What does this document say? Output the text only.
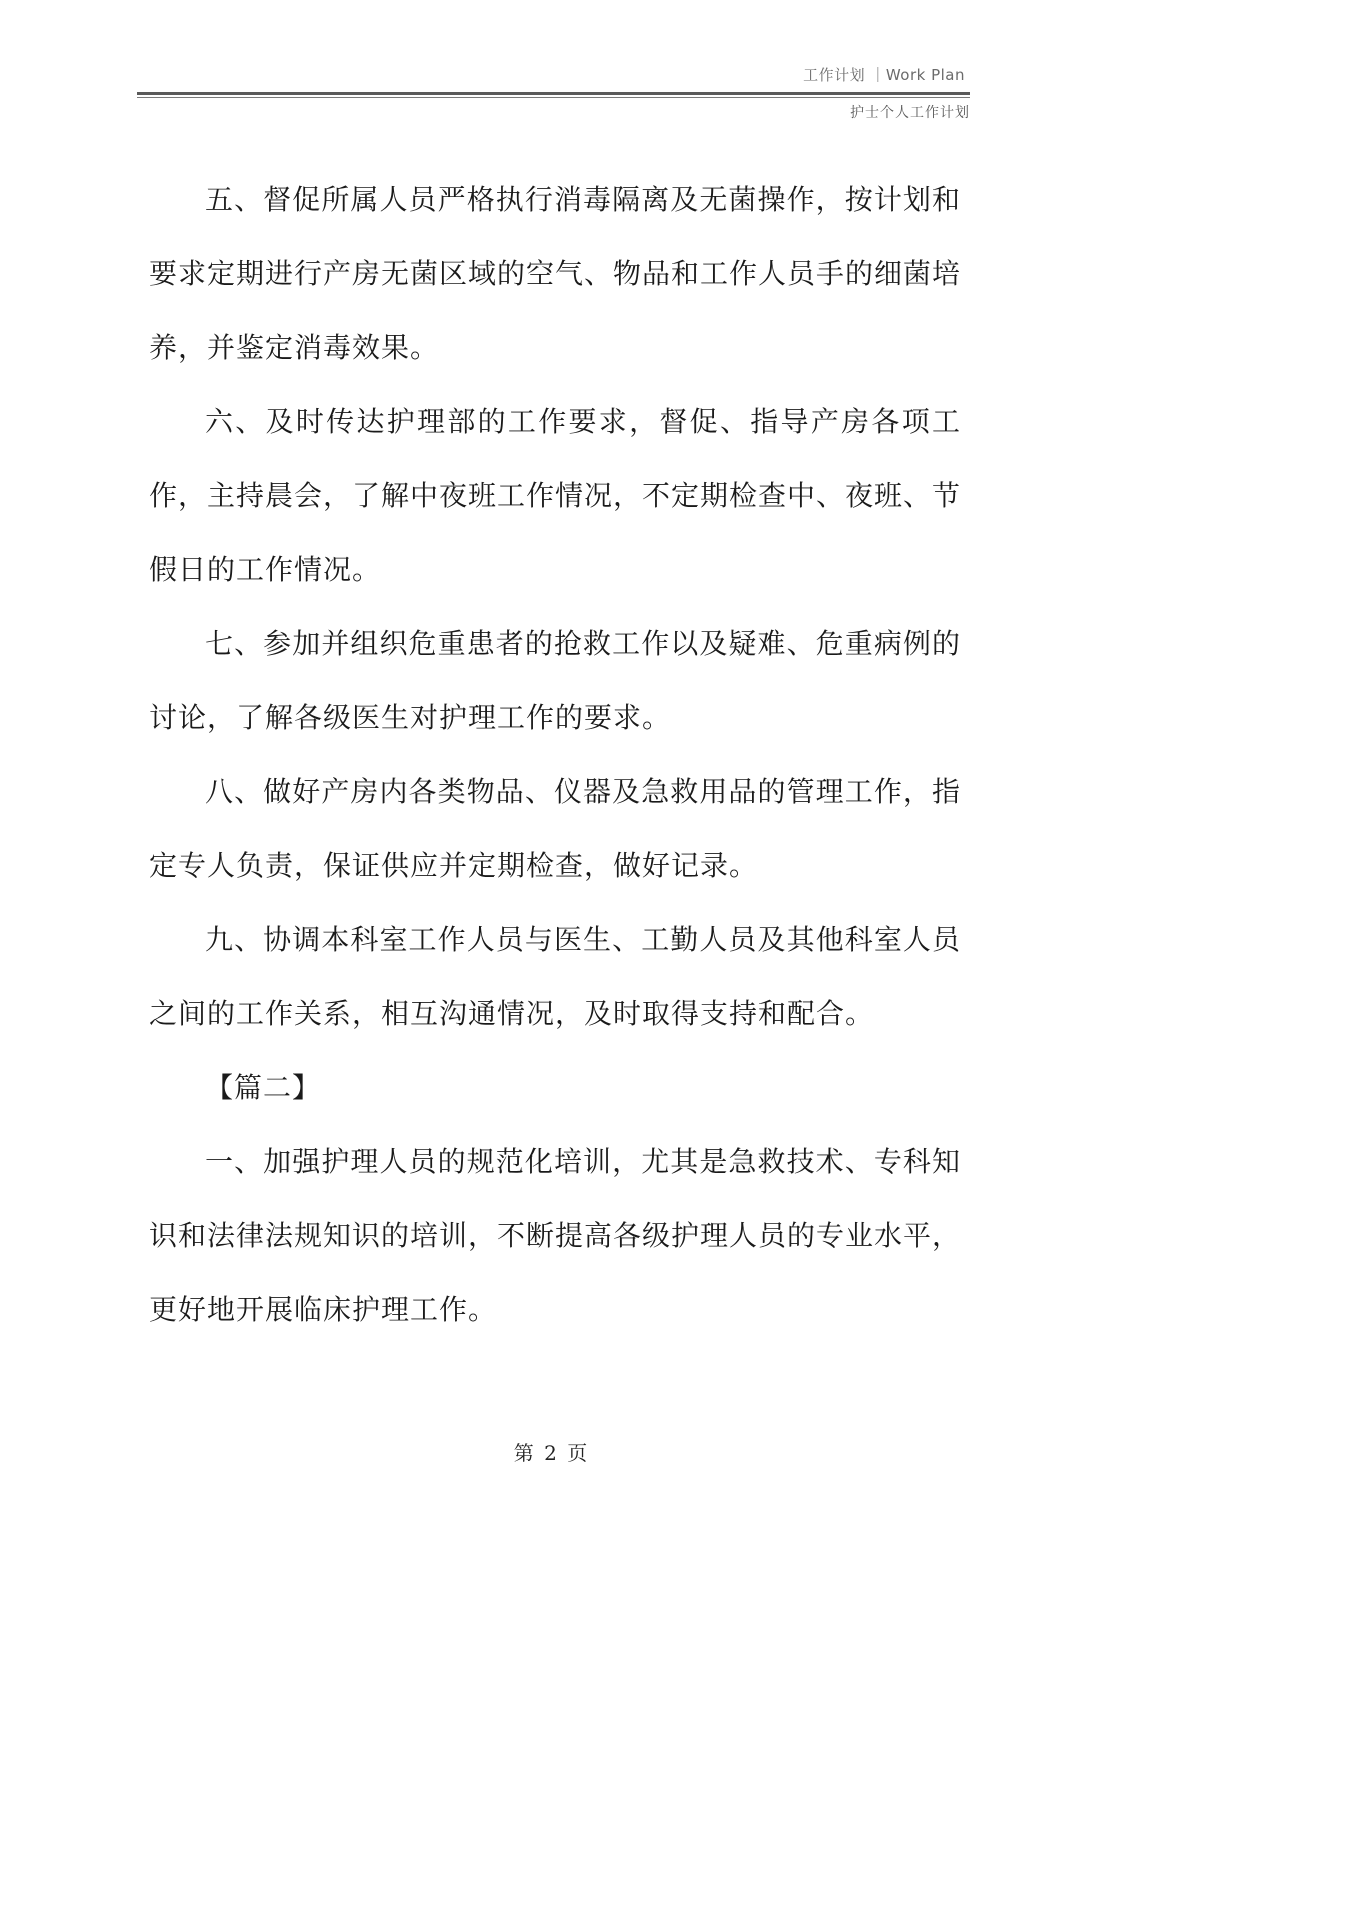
工作计划 ｜Work Plan
护士个人工作计划

五、督促所属人员严格执行消毒隔离及无菌操作，按计划和要求定期进行产房无菌区域的空气、物品和工作人员手的细菌培养，并鉴定消毒效果。

六、及时传达护理部的工作要求，督促、指导产房各项工作，主持晨会，了解中夜班工作情况，不定期检查中、夜班、节假日的工作情况。

七、参加并组织危重患者的抢救工作以及疑难、危重病例的讨论，了解各级医生对护理工作的要求。

八、做好产房内各类物品、仪器及急救用品的管理工作，指定专人负责，保证供应并定期检查，做好记录。

九、协调本科室工作人员与医生、工勤人员及其他科室人员之间的工作关系，相互沟通情况，及时取得支持和配合。

【篇二】

一、加强护理人员的规范化培训，尤其是急救技术、专科知识和法律法规知识的培训，不断提高各级护理人员的专业水平，更好地开展临床护理工作。

第 2 页
